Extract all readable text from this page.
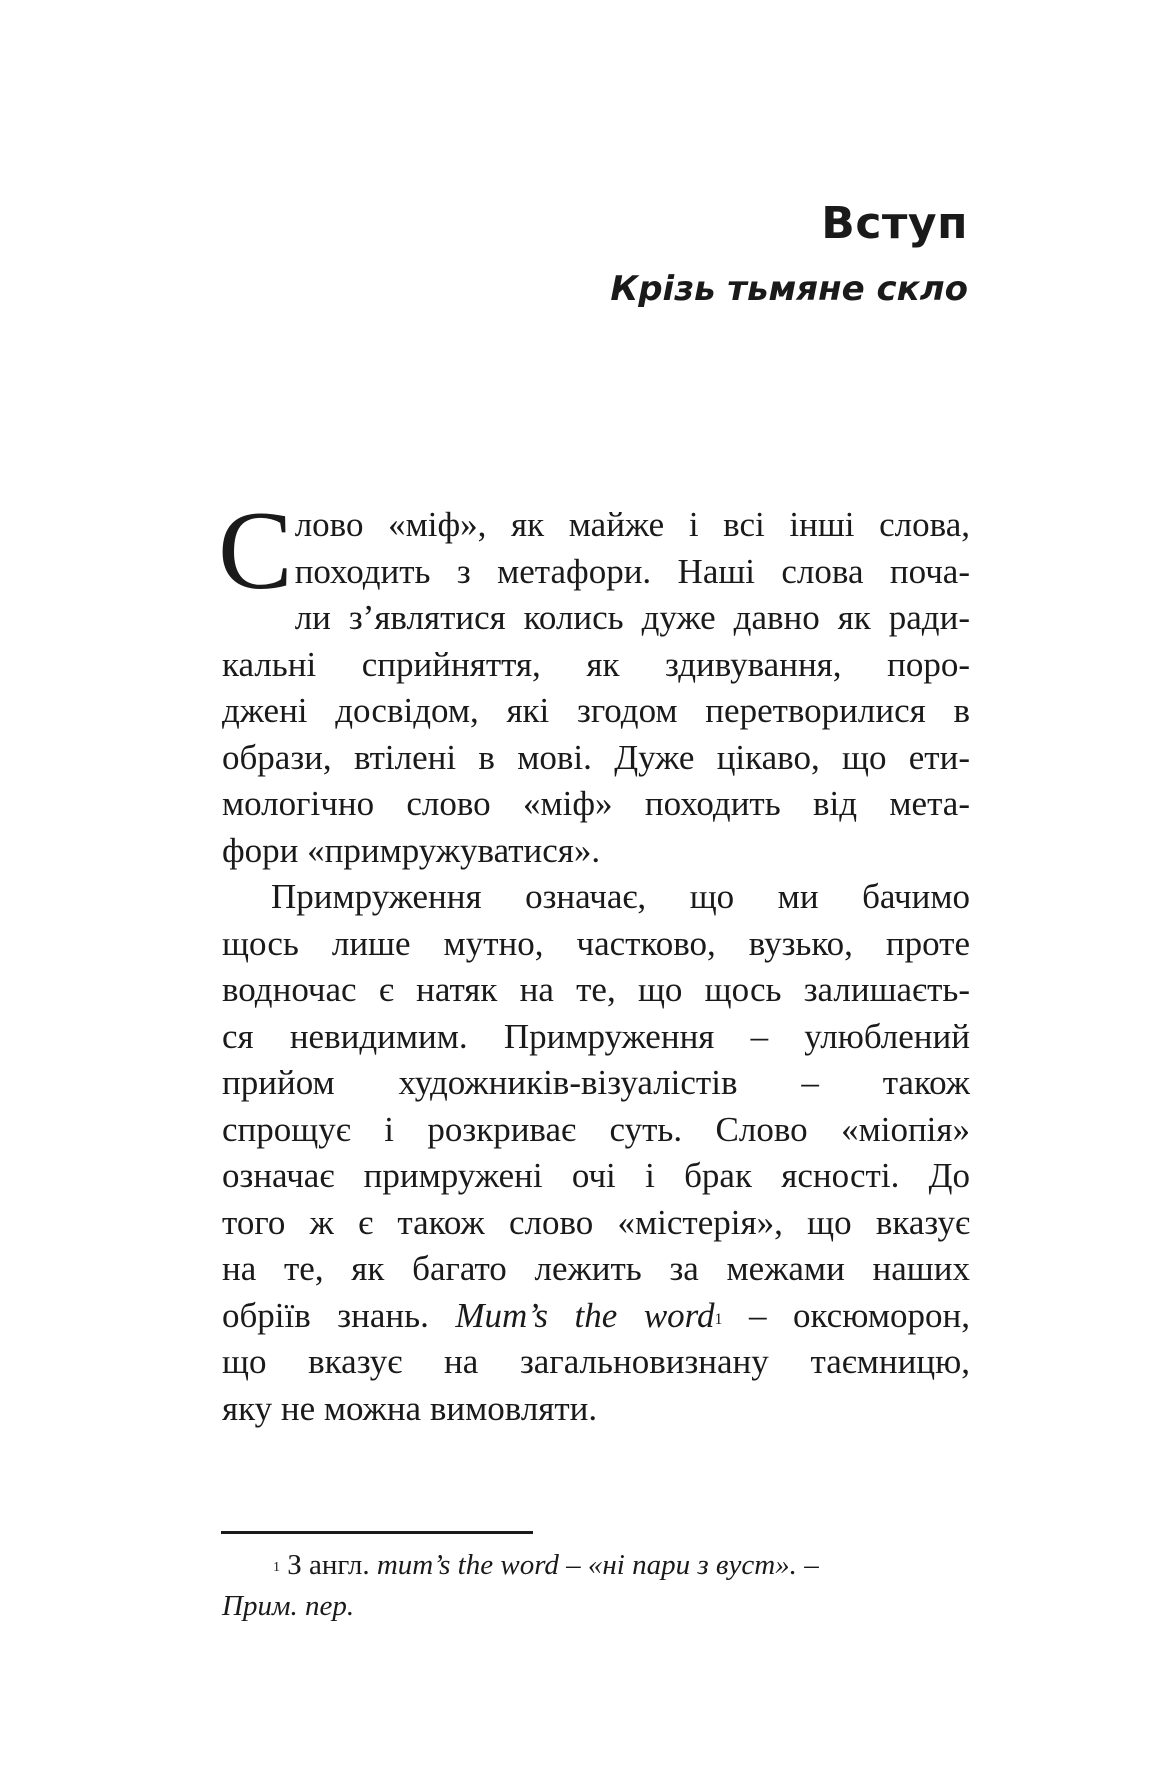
Вступ
Крізь тьмяне скло

С лово «міф», як майже і всі інші слова,
походить з метафори. Наші слова поча-
ли з’являтися колись дуже давно як ради-
кальні сприйняття, як здивування, поро-
джені досвідом, які згодом перетворилися в
образи, втілені в мові. Дуже цікаво, що ети-
мологічно слово «міф» походить від мета-
фори «примружуватися».

Примруження означає, що ми бачимо
щось лише мутно, частково, вузько, проте
водночас є натяк на те, що щось залишаєть-
ся невидимим. Примруження – улюблений
прийом художників-візуалістів – також
спрощує і розкриває суть. Слово «міопія»
означає примружені очі і брак ясності. До
того ж є також слово «містерія», що вказує
на те, як багато лежить за межами наших
обріїв знань. Mum’s the word$^1$ – оксюморон,
що вказує на загальновизнану таємницю,
яку не можна вимовляти.

$^1$ З англ. mum’s the word – «ні пари з вуст». –
Прим. пер.
